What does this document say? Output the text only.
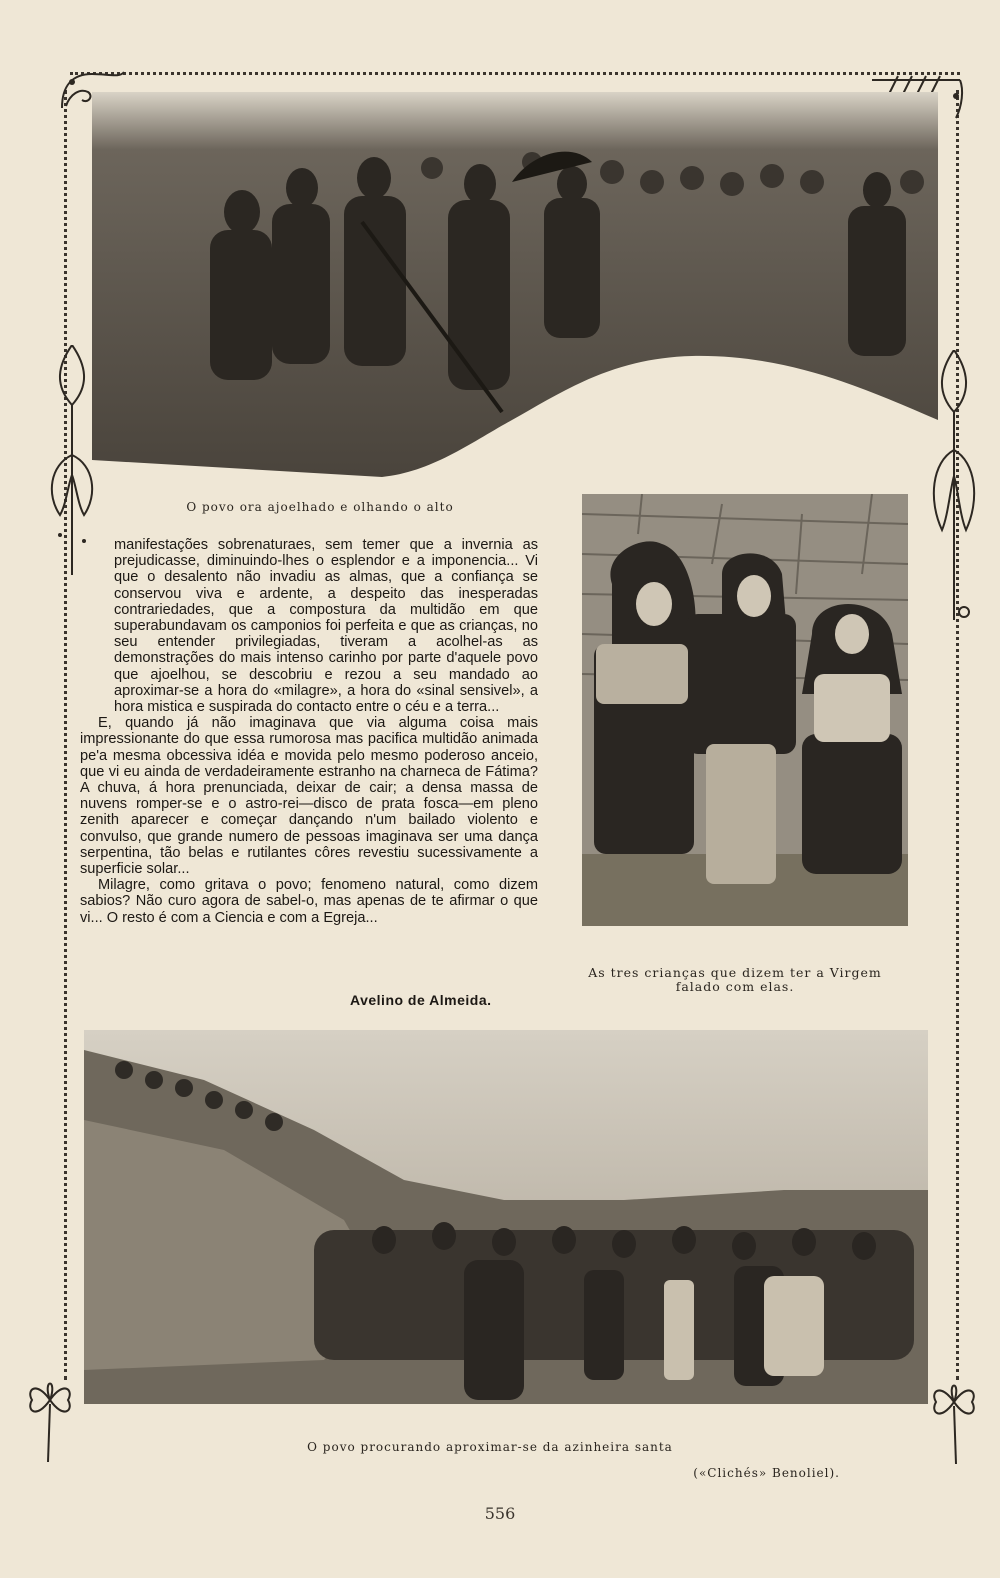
O povo ora ajoelhado e olhando o alto
As tres crianças que dizem ter a Virgem
falado com elas.

manifestações sobrenaturaes, sem temer que a invernia as prejudicasse, diminuindo-lhes o esplendor e a imponencia... Vi que o desalento não invadiu as almas, que a confiança se conservou viva e ardente, a despeito das inesperadas contrariedades, que a compostura da multidão em que superabundavam os camponios foi perfeita e que as crianças, no seu entender privilegiadas, tiveram a acolhel-as as demonstrações do mais intenso carinho por parte d'aquele povo que ajoelhou, se descobriu e rezou a seu mandado ao aproximar-se a hora do «milagre», a hora do «sinal sensivel», a hora mistica e suspirada do contacto entre o céu e a terra...

E, quando já não imaginava que via alguma coisa mais impressionante do que essa rumorosa mas pacifica multidão animada pe'a mesma obcessiva idéa e movida pelo mesmo poderoso anceio, que vi eu ainda de verdadeiramente estranho na charneca de Fátima? A chuva, á hora prenunciada, deixar de cair; a densa massa de nuvens romper-se e o astro-rei—disco de prata fosca—em pleno zenith aparecer e começar dançando n'um bailado violento e convulso, que grande numero de pessoas imaginava ser uma dança serpentina, tão belas e rutilantes côres revestiu sucessivamente a superficie solar...

Milagre, como gritava o povo; fenomeno natural, como dizem sabios? Não curo agora de sabel-o, mas apenas de te afirmar o que vi... O resto é com a Ciencia e com a Egreja...

Avelino de Almeida.
O povo procurando aproximar-se da azinheira santa
(«Clichés» Benoliel).
556
